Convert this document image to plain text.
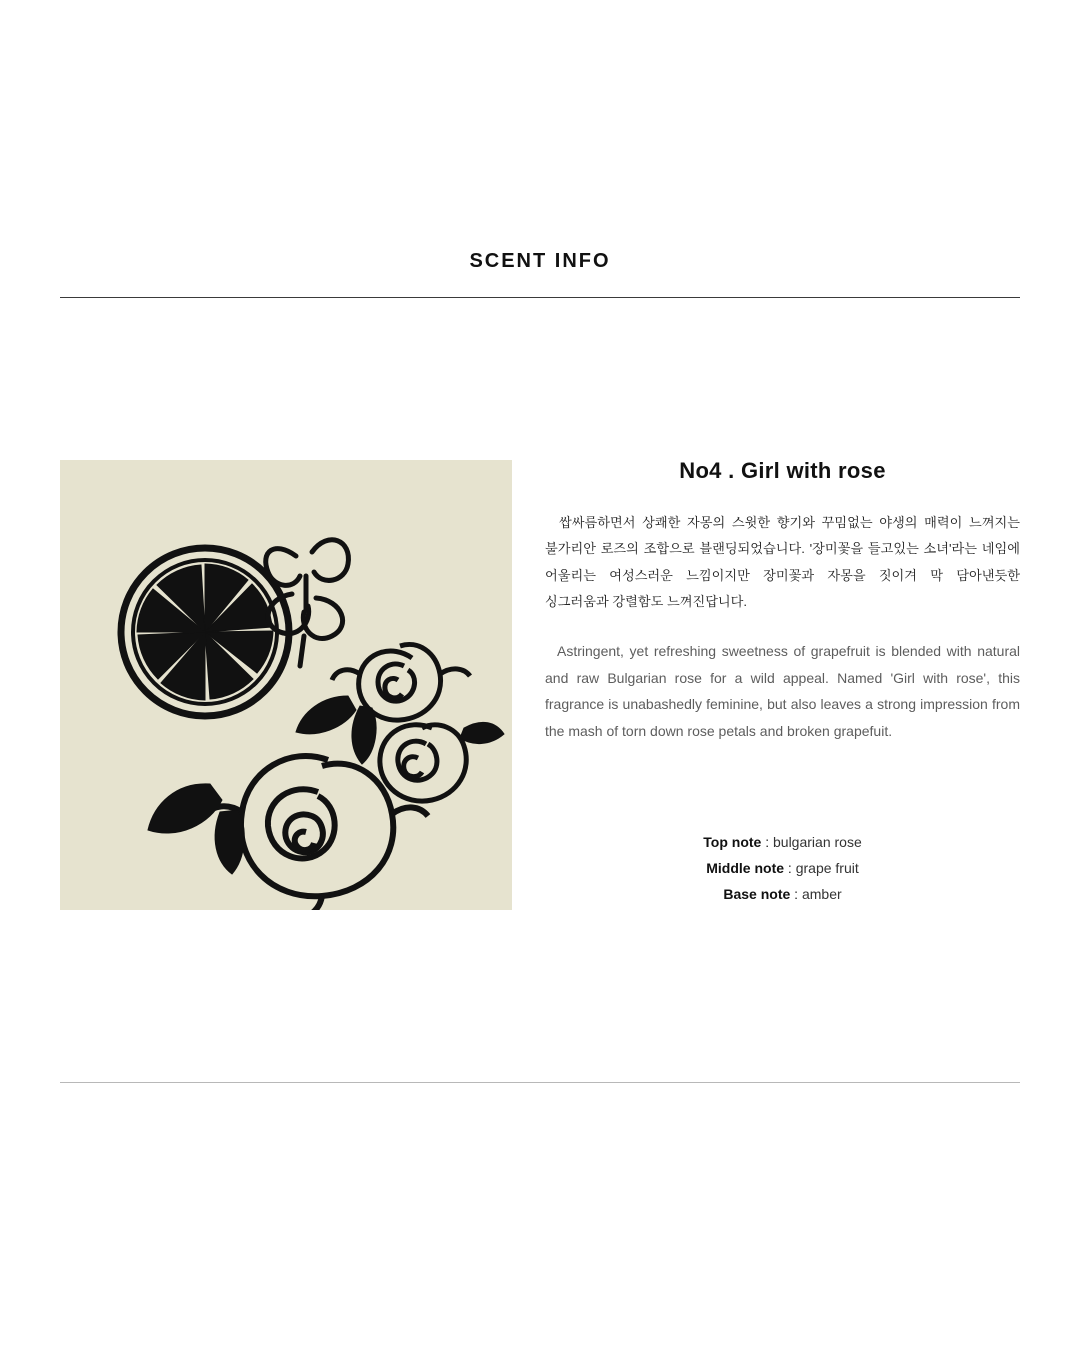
SCENT INFO
No4 . Girl with rose

쌉싸름하면서 상쾌한 자몽의 스윗한 향기와 꾸밈없는 야생의 매력이 느껴지는 불가리안 로즈의 조합으로 블랜딩되었습니다. '장미꽃을 들고있는 소녀'라는 네임에 어울리는 여성스러운 느낌이지만 장미꽃과 자몽을 짓이겨 막 담아낸듯한 싱그러움과 강렬함도 느껴진답니다.

Astringent, yet refreshing sweetness of grapefruit is blended with natural and raw Bulgarian rose for a wild appeal. Named 'Girl with rose', this fragrance is unabashedly feminine, but also leaves a strong impression from the mash of torn down rose petals and broken grapefuit.

Top note : bulgarian rose
Middle note : grape fruit
Base note : amber
